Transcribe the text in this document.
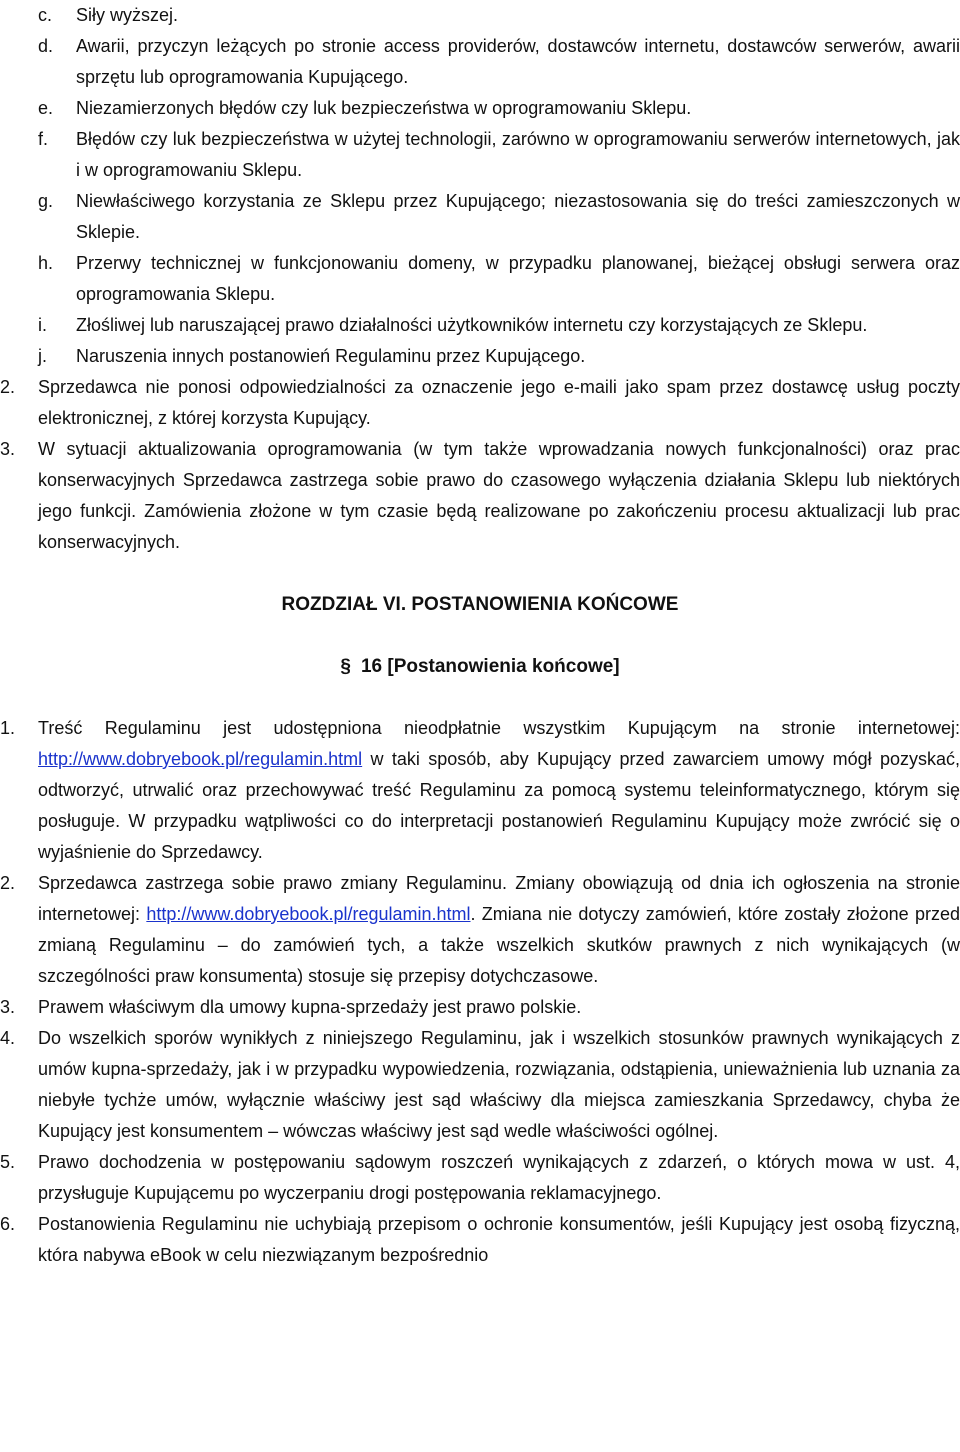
c.	Siły wyższej.
d.	Awarii, przyczyn leżących po stronie access providerów, dostawców internetu, dostawców serwerów, awarii sprzętu lub oprogramowania Kupującego.
e.	Niezamierzonych błędów czy luk bezpieczeństwa w oprogramowaniu Sklepu.
f.	Błędów czy luk bezpieczeństwa w użytej technologii, zarówno w oprogramowaniu serwerów internetowych, jak i w oprogramowaniu Sklepu.
g.	Niewłaściwego korzystania ze Sklepu przez Kupującego; niezastosowania się do treści zamieszczonych w Sklepie.
h.	Przerwy technicznej w funkcjonowaniu domeny, w przypadku planowanej, bieżącej obsługi serwera oraz oprogramowania Sklepu.
i.	Złośliwej lub naruszającej prawo działalności użytkowników internetu czy korzystających ze Sklepu.
j.	Naruszenia innych postanowień Regulaminu przez Kupującego.
2.	Sprzedawca nie ponosi odpowiedzialności za oznaczenie jego e-maili jako spam przez dostawcę usług poczty elektronicznej, z której korzysta Kupujący.
3.	W sytuacji aktualizowania oprogramowania (w tym także wprowadzania nowych funkcjonalności) oraz prac konserwacyjnych Sprzedawca zastrzega sobie prawo do czasowego wyłączenia działania Sklepu lub niektórych jego funkcji. Zamówienia złożone w tym czasie będą realizowane po zakończeniu procesu aktualizacji lub prac konserwacyjnych.
ROZDZIAŁ VI. POSTANOWIENIA KOŃCOWE
§ 16 [Postanowienia końcowe]
1.	Treść Regulaminu jest udostępniona nieodpłatnie wszystkim Kupującym na stronie internetowej: http://www.dobryebook.pl/regulamin.html w taki sposób, aby Kupujący przed zawarciem umowy mógł pozyskać, odtworzyć, utrwalić oraz przechowywać treść Regulaminu za pomocą systemu teleinformatycznego, którym się posługuje. W przypadku wątpliwości co do interpretacji postanowień Regulaminu Kupujący może zwrócić się o wyjaśnienie do Sprzedawcy.
2.	Sprzedawca zastrzega sobie prawo zmiany Regulaminu. Zmiany obowiązują od dnia ich ogłoszenia na stronie internetowej: http://www.dobryebook.pl/regulamin.html. Zmiana nie dotyczy zamówień, które zostały złożone przed zmianą Regulaminu – do zamówień tych, a także wszelkich skutków prawnych z nich wynikających (w szczególności praw konsumenta) stosuje się przepisy dotychczasowe.
3.	Prawem właściwym dla umowy kupna-sprzedaży jest prawo polskie.
4.	Do wszelkich sporów wynikłych z niniejszego Regulaminu, jak i wszelkich stosunków prawnych wynikających z umów kupna-sprzedaży, jak i w przypadku wypowiedzenia, rozwiązania, odstąpienia, unieważnienia lub uznania za niebyłe tychże umów, wyłącznie właściwy jest sąd właściwy dla miejsca zamieszkania Sprzedawcy, chyba że Kupujący jest konsumentem – wówczas właściwy jest sąd wedle właściwości ogólnej.
5.	Prawo dochodzenia w postępowaniu sądowym roszczeń wynikających z zdarzeń, o których mowa w ust. 4, przysługuje Kupującemu po wyczerpaniu drogi postępowania reklamacyjnego.
6.	Postanowienia Regulaminu nie uchybiają przepisom o ochronie konsumentów, jeśli Kupujący jest osobą fizyczną, która nabywa eBook w celu niezwiązanym bezpośrednio
